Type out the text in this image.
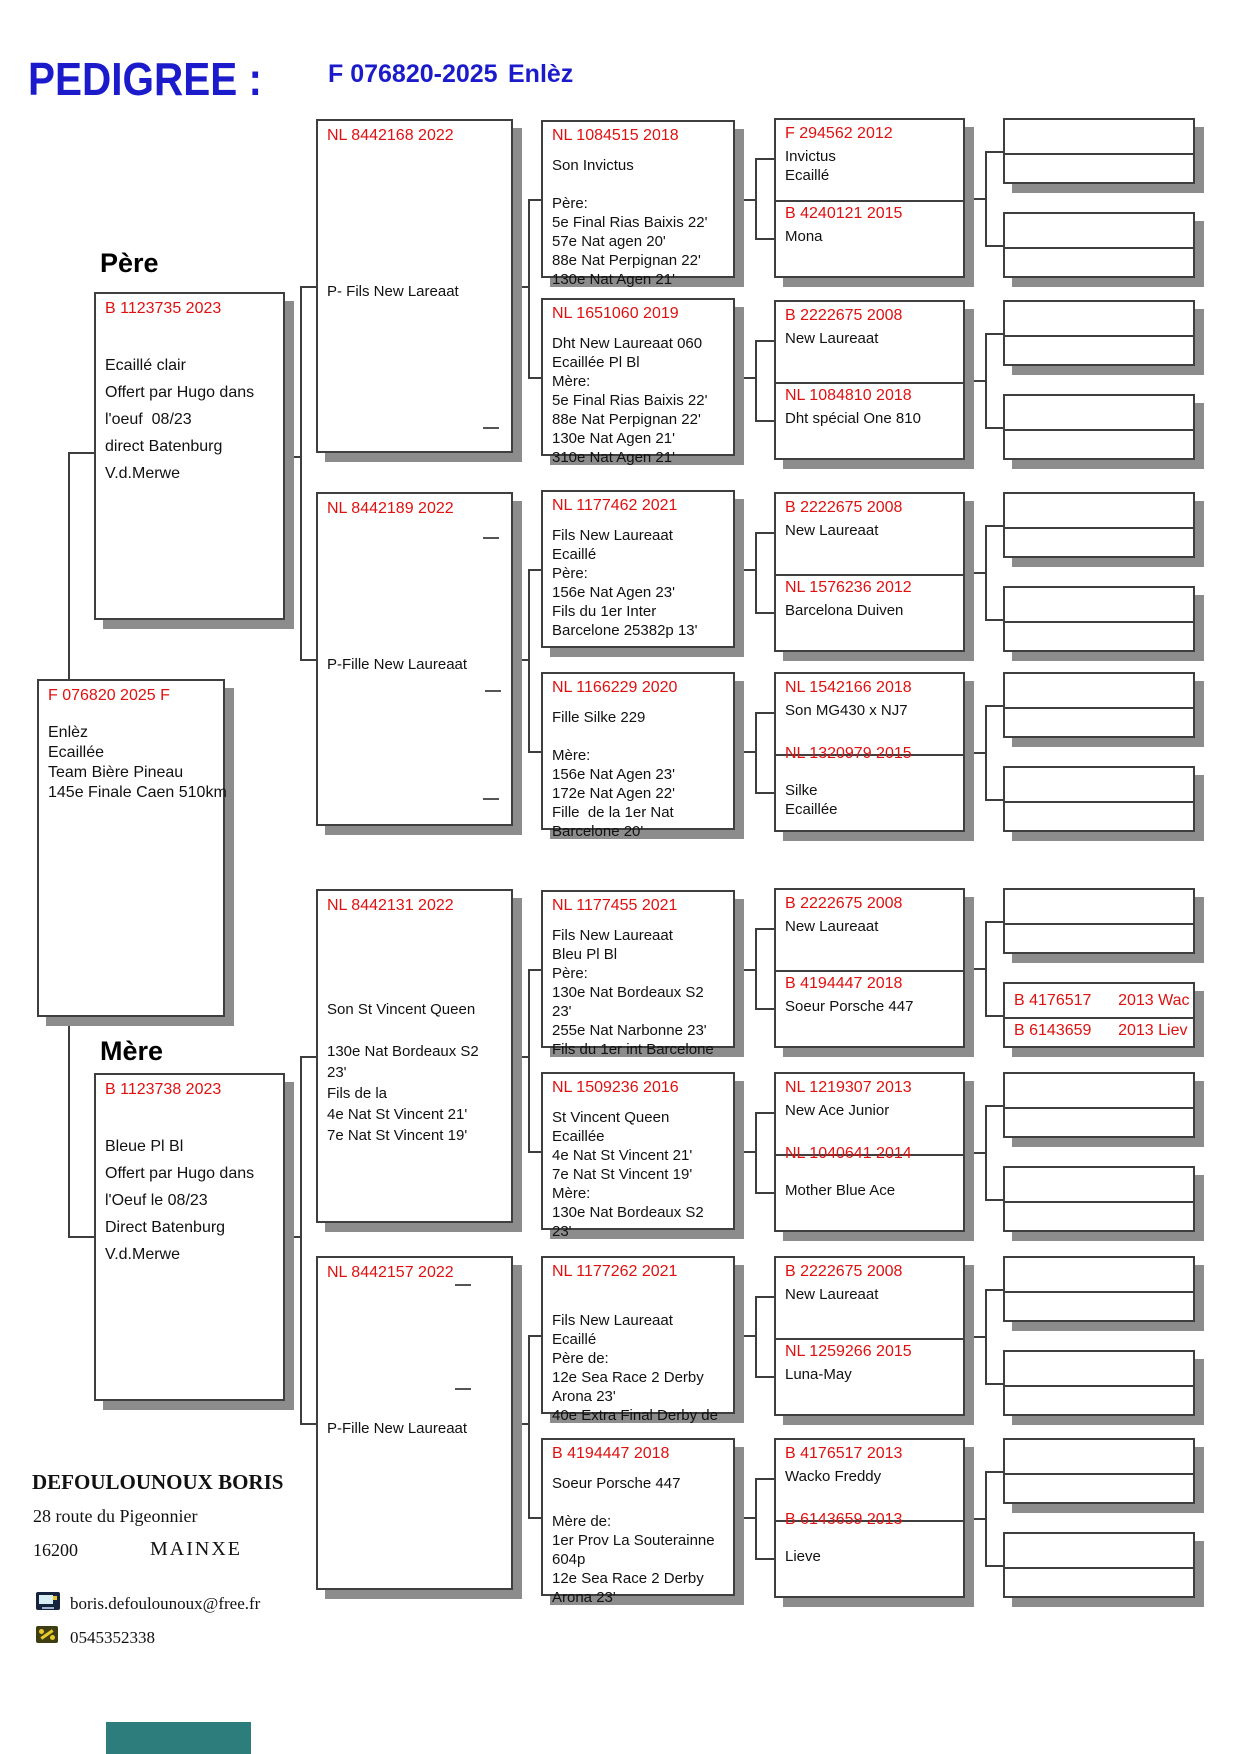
PEDIGREE :	F 076820-2025 Enlèz
Père
Mère
F 076820 2025 F
Enlèz
Ecaillée
Team Bière Pineau
145e Finale Caen 510km
B 1123735 2023
Ecaillé clair
Offert par Hugo dans
l'oeuf  08/23
direct Batenburg
V.d.Merwe
B 1123738 2023
Bleue Pl Bl
Offert par Hugo dans
l'Oeuf le 08/23
Direct Batenburg
V.d.Merwe
DEFOULOUNOUX BORIS
28 route du Pigeonnier
16200	MAINXE
boris.defoulounoux@free.fr
0545352338
NL 8442168 2022
P- Fils New Lareaat
NL 8442189 2022
P-Fille New Laureaat
NL 8442131 2022
Son St Vincent Queen
130e Nat Bordeaux S2
23'
Fils de la
4e Nat St Vincent 21'
7e Nat St Vincent 19'
NL 8442157 2022
P-Fille New Laureaat
NL 1084515 2018
Son Invictus
Père:
5e Final Rias Baixis 22'
57e Nat agen 20'
88e Nat Perpignan 22'
130e Nat Agen 21'
NL 1651060 2019
Dht New Laureaat 060
Ecaillée Pl Bl
Mère:
5e Final Rias Baixis 22'
88e Nat Perpignan 22'
130e Nat Agen 21'
310e Nat Agen 21'
NL 1177462 2021
Fils New Laureaat
Ecaillé
Père:
156e Nat Agen 23'
Fils du 1er Inter
Barcelone 25382p 13'
NL 1166229 2020
Fille Silke 229
Mère:
156e Nat Agen 23'
172e Nat Agen 22'
Fille  de la 1er Nat
Barcelone 20'
NL 1177455 2021
Fils New Laureaat
Bleu Pl Bl
Père:
130e Nat Bordeaux S2
23'
255e Nat Narbonne 23'
Fils du 1er int Barcelone
NL 1509236 2016
St Vincent Queen
Ecaillée
4e Nat St Vincent 21'
7e Nat St Vincent 19'
Mère:
130e Nat Bordeaux S2
23'
NL 1177262 2021
Fils New Laureaat
Ecaillé
Père de:
12e Sea Race 2 Derby
Arona 23'
40e Extra Final Derby de
B 4194447 2018
Soeur Porsche 447
Mère de:
1er Prov La Souterainne
604p
12e Sea Race 2 Derby
Arona 23'
F 294562 2012
Invictus
Ecaillé
B 4240121 2015
Mona
B 2222675 2008
New Laureaat
NL 1084810 2018
Dht spécial One 810
B 2222675 2008
New Laureaat
NL 1576236 2012
Barcelona Duiven
NL 1542166 2018
Son MG430 x NJ7
NL 1320979 2015
Silke
Ecaillée
B 2222675 2008
New Laureaat
B 4194447 2018
Soeur Porsche 447
NL 1219307 2013
New Ace Junior
NL 1040641 2014
Mother Blue Ace
B 2222675 2008
New Laureaat
NL 1259266 2015
Luna-May
B 4176517 2013
Wacko Freddy
B 6143659 2013
Lieve
B 4176517      2013 Wac
B 6143659      2013 Liev
